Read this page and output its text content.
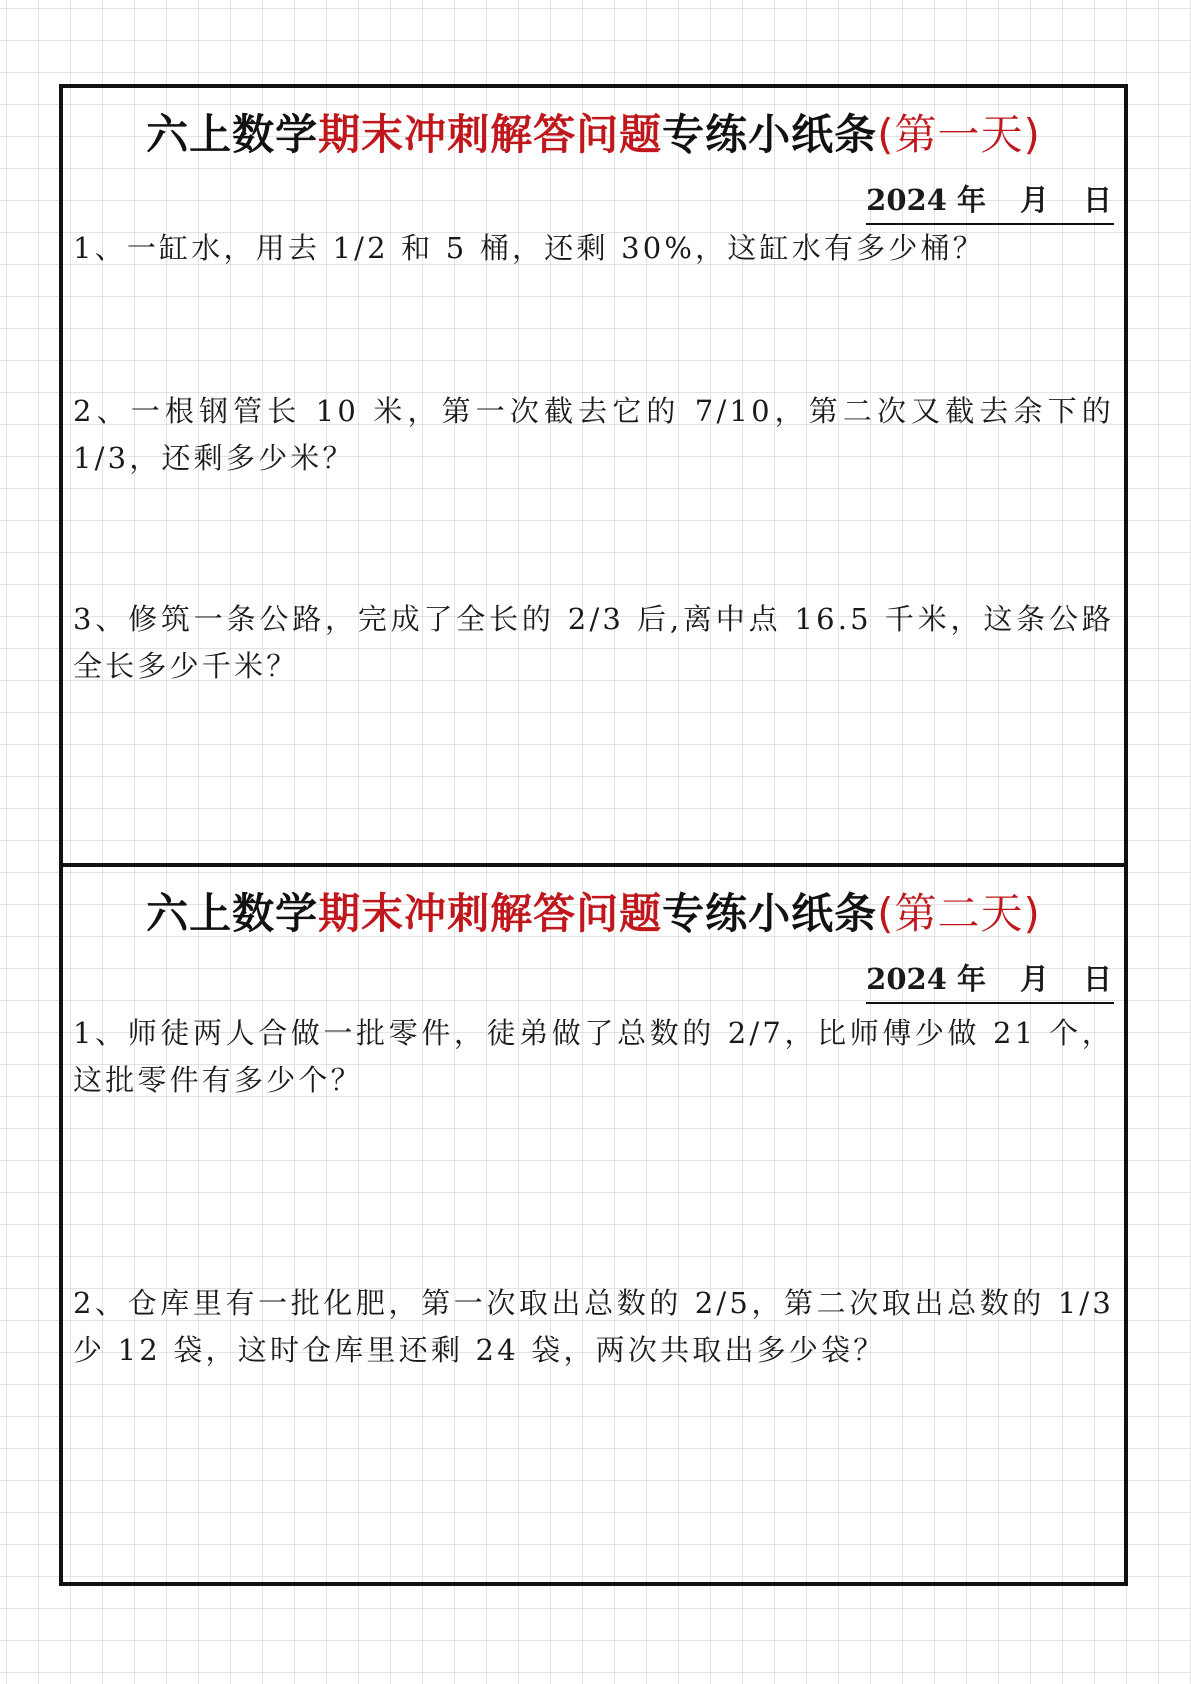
六上数学期末冲刺解答问题专练小纸条(第一天)
2024 年 月 日
1、一缸水，用去 1/2 和 5 桶，还剩 30%，这缸水有多少桶？
2、一根钢管长 10 米，第一次截去它的 7/10，第二次又截去余下的 1/3，还剩多少米？
3、修筑一条公路，完成了全长的 2/3 后,离中点 16.5 千米，这条公路全长多少千米？
六上数学期末冲刺解答问题专练小纸条(第二天)
2024 年 月 日
1、师徒两人合做一批零件，徒弟做了总数的 2/7，比师傅少做 21 个，这批零件有多少个？
2、仓库里有一批化肥，第一次取出总数的 2/5，第二次取出总数的 1/3 少 12 袋，这时仓库里还剩 24 袋，两次共取出多少袋？
